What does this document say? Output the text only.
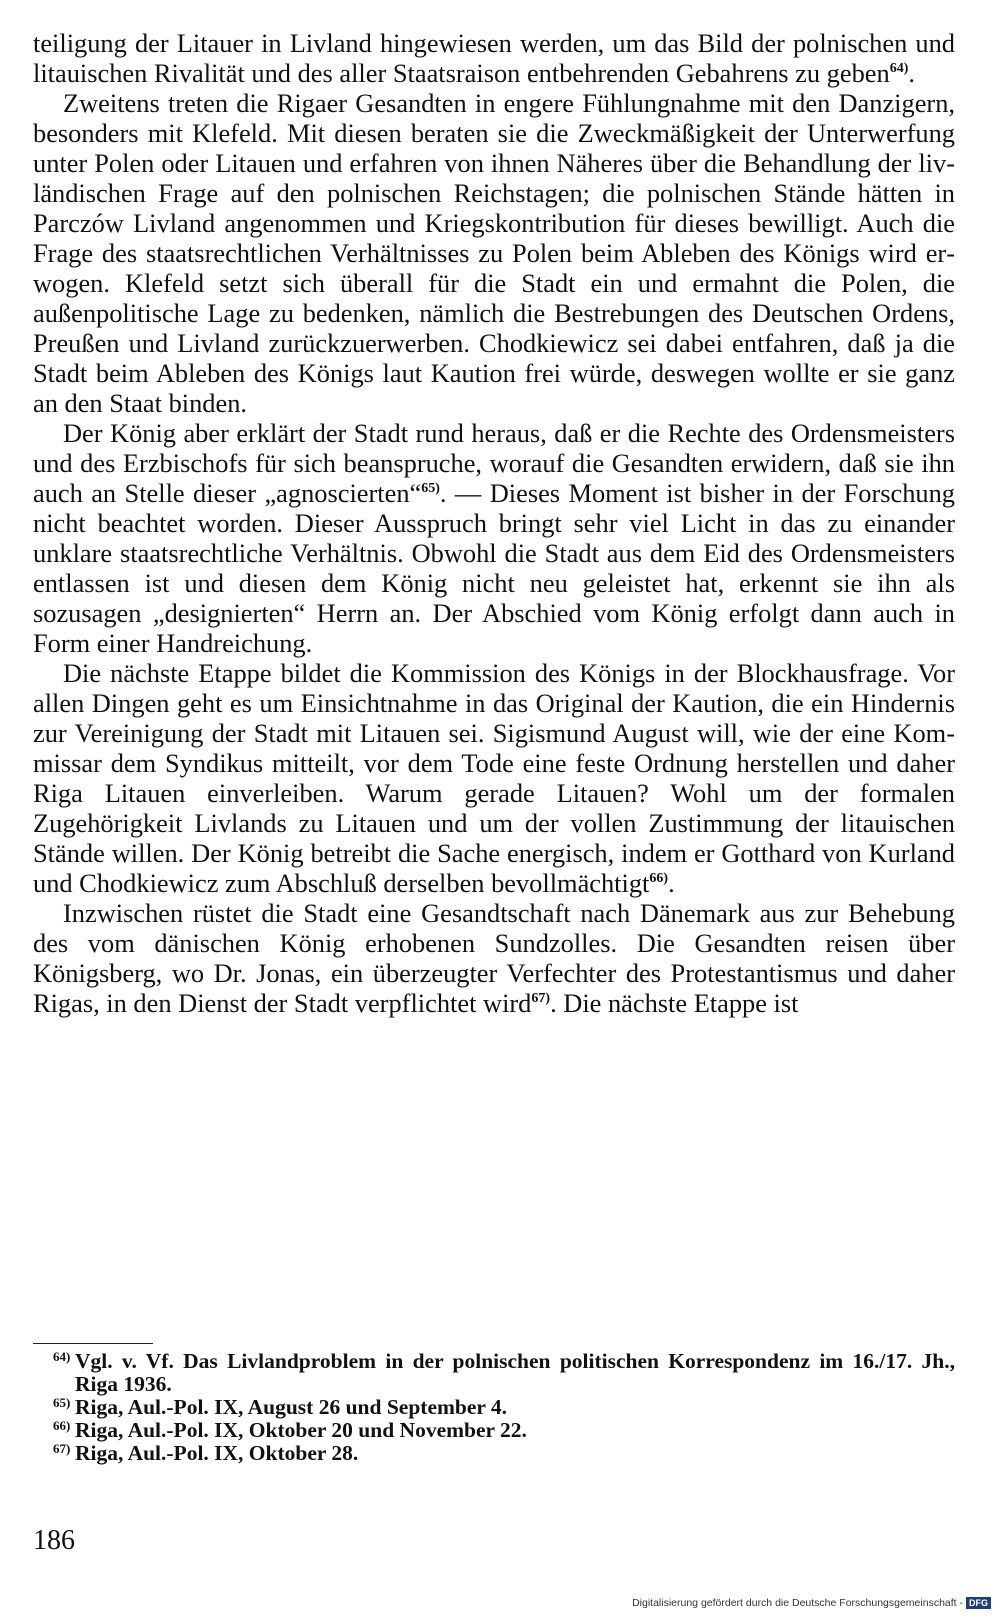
teiligung der Litauer in Livland hingewiesen werden, um das Bild der polnischen und litauischen Rivalität und des aller Staatsraison entbehrenden Gebahrens zu geben$^{64)}$.

Zweitens treten die Rigaer Gesandten in engere Fühlungnahme mit den Danzigern, besonders mit Klefeld. Mit diesen beraten sie die Zweckmäßigkeit der Unterwerfung unter Polen oder Litauen und erfahren von ihnen Näheres über die Behandlung der livländischen Frage auf den polnischen Reichstagen; die polnischen Stände hätten in Parczów Livland angenommen und Kriegskontribution für dieses bewilligt. Auch die Frage des staatsrechtlichen Verhältnisses zu Polen beim Ableben des Königs wird erwogen. Klefeld setzt sich überall für die Stadt ein und ermahnt die Polen, die außenpolitische Lage zu bedenken, nämlich die Bestrebungen des Deutschen Ordens, Preußen und Livland zurückzuerwerben. Chodkiewicz sei dabei entfahren, daß ja die Stadt beim Ableben des Königs laut Kaution frei würde, deswegen wollte er sie ganz an den Staat binden.

Der König aber erklärt der Stadt rund heraus, daß er die Rechte des Ordensmeisters und des Erzbischofs für sich beanspruche, worauf die Gesandten erwidern, daß sie ihn auch an Stelle dieser „agnoscierten“$^{65)}$. — Dieses Moment ist bisher in der Forschung nicht beachtet worden. Dieser Ausspruch bringt sehr viel Licht in das zu einander unklare staatsrechtliche Verhältnis. Obwohl die Stadt aus dem Eid des Ordensmeisters entlassen ist und diesen dem König nicht neu geleistet hat, erkennt sie ihn als sozusagen „designierten“ Herrn an. Der Abschied vom König erfolgt dann auch in Form einer Handreichung.

Die nächste Etappe bildet die Kommission des Königs in der Blockhausfrage. Vor allen Dingen geht es um Einsichtnahme in das Original der Kaution, die ein Hindernis zur Vereinigung der Stadt mit Litauen sei. Sigismund August will, wie der eine Kommissar dem Syndikus mitteilt, vor dem Tode eine feste Ordnung herstellen und daher Riga Litauen einverleiben. Warum gerade Litauen? Wohl um der formalen Zugehörigkeit Livlands zu Litauen und um der vollen Zustimmung der litauischen Stände willen. Der König betreibt die Sache energisch, indem er Gotthard von Kurland und Chodkiewicz zum Abschluß derselben bevollmächtigt$^{66)}$.

Inzwischen rüstet die Stadt eine Gesandtschaft nach Dänemark aus zur Behebung des vom dänischen König erhobenen Sundzolles. Die Gesandten reisen über Königsberg, wo Dr. Jonas, ein überzeugter Verfechter des Protestantismus und daher Rigas, in den Dienst der Stadt verpflichtet wird$^{67)}$. Die nächste Etappe ist

64) Vgl. v. Vf. Das Livlandproblem in der polnischen politischen Korrespondenz im 16./17. Jh., Riga 1936.

65) Riga, Aul.-Pol. IX, August 26 und September 4.

66) Riga, Aul.-Pol. IX, Oktober 20 und November 22.

67) Riga, Aul.-Pol. IX, Oktober 28.

186
Digitalisierung gefördert durch die Deutsche Forschungsgemeinschaft - DFG
